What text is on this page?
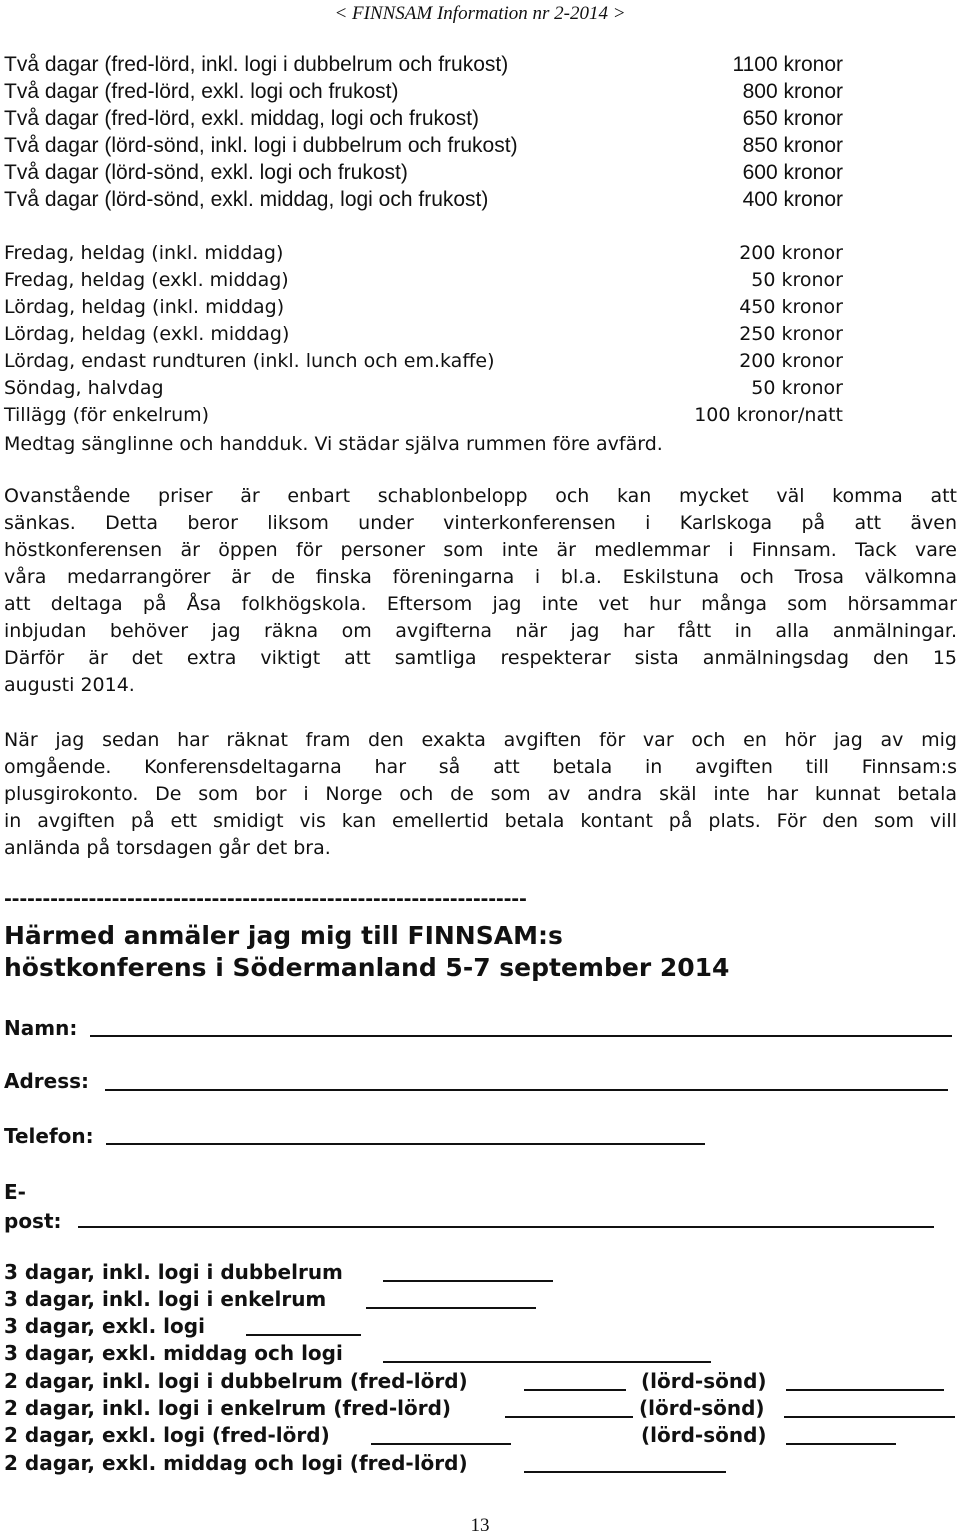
< FINNSAM Information nr 2-2014 >
Två dagar (fred-lörd, inkl. logi i dubbelrum och frukost)	1100 kronor
Två dagar (fred-lörd, exkl. logi och frukost)	800 kronor
Två dagar (fred-lörd, exkl. middag, logi och frukost)	650 kronor
Två dagar (lörd-sönd, inkl. logi i dubbelrum och frukost)	850 kronor
Två dagar (lörd-sönd, exkl. logi och frukost)	600 kronor
Två dagar (lörd-sönd, exkl. middag, logi och frukost)	400 kronor
Fredag, heldag (inkl. middag)	200 kronor
Fredag, heldag (exkl. middag)	50 kronor
Lördag, heldag (inkl. middag)	450 kronor
Lördag, heldag (exkl. middag)	250 kronor
Lördag, endast rundturen (inkl. lunch och em.kaffe)	200 kronor
Söndag, halvdag	50 kronor
Tillägg (för enkelrum)	100 kronor/natt
Medtag sänglinne och handduk. Vi städar själva rummen före avfärd.
Ovanstående priser är enbart schablonbelopp och kan mycket väl komma att
sänkas. Detta beror liksom under vinterkonferensen i Karlskoga på att även
höstkonferensen är öppen för personer som inte är medlemmar i Finnsam. Tack vare
våra medarrangörer är de finska föreningarna i bl.a. Eskilstuna och Trosa välkomna
att deltaga på Åsa folkhögskola. Eftersom jag inte vet hur många som hörsammar
inbjudan behöver jag räkna om avgifterna när jag har fått in alla anmälningar.
Därför är det extra viktigt att samtliga respekterar sista anmälningsdag den 15
augusti 2014.
När jag sedan har räknat fram den exakta avgiften för var och en hör jag av mig
omgående. Konferensdeltagarna har så att betala in avgiften till Finnsam:s
plusgirokonto. De som bor i Norge och de som av andra skäl inte har kunnat betala
in avgiften på ett smidigt vis kan emellertid betala kontant på plats. För den som vill
anlända på torsdagen går det bra.
--------------------------------------------------------------------
Härmed anmäler jag mig till FINNSAM:s
höstkonferens i Södermanland 5-7 september 2014
Namn:
Adress:
Telefon:
E-
post:
3 dagar, inkl. logi i dubbelrum
3 dagar, inkl. logi i enkelrum
3 dagar, exkl. logi
3 dagar, exkl. middag och logi
2 dagar, inkl. logi i dubbelrum (fred-lörd)	(lörd-sönd)
2 dagar, inkl. logi i enkelrum (fred-lörd)	(lörd-sönd)
2 dagar, exkl. logi (fred-lörd)	(lörd-sönd)
2 dagar, exkl. middag och logi (fred-lörd)
13
